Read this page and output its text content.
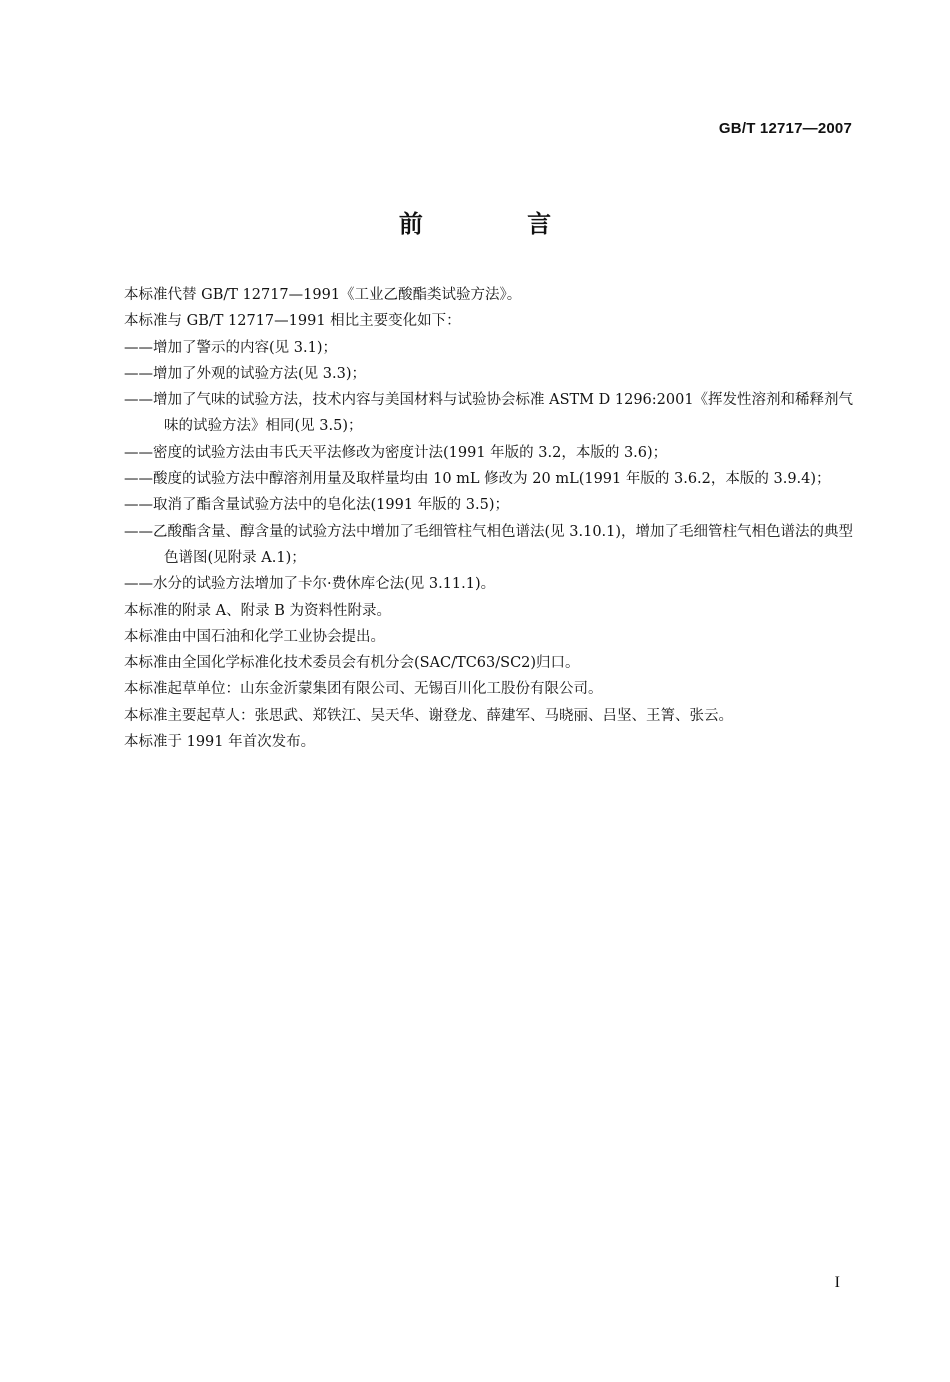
GB/T 12717—2007
前 言
本标准代替 GB/T 12717—1991《工业乙酸酯类试验方法》。
本标准与 GB/T 12717—1991 相比主要变化如下：
——增加了警示的内容(见 3.1)；
——增加了外观的试验方法(见 3.3)；
——增加了气味的试验方法，技术内容与美国材料与试验协会标准 ASTM D 1296:2001《挥发性溶剂和稀释剂气味的试验方法》相同(见 3.5)；
——密度的试验方法由韦氏天平法修改为密度计法(1991 年版的 3.2，本版的 3.6)；
——酸度的试验方法中醇溶剂用量及取样量均由 10 mL 修改为 20 mL(1991 年版的 3.6.2，本版的 3.9.4)；
——取消了酯含量试验方法中的皂化法(1991 年版的 3.5)；
——乙酸酯含量、醇含量的试验方法中增加了毛细管柱气相色谱法(见 3.10.1)，增加了毛细管柱气相色谱法的典型色谱图(见附录 A.1)；
——水分的试验方法增加了卡尔·费休库仑法(见 3.11.1)。
本标准的附录 A、附录 B 为资料性附录。
本标准由中国石油和化学工业协会提出。
本标准由全国化学标准化技术委员会有机分会(SAC/TC63/SC2)归口。
本标准起草单位：山东金沂蒙集团有限公司、无锡百川化工股份有限公司。
本标准主要起草人：张思武、郑铁江、吴天华、谢登龙、薛建军、马晓丽、吕坚、王箐、张云。
本标准于 1991 年首次发布。
I
